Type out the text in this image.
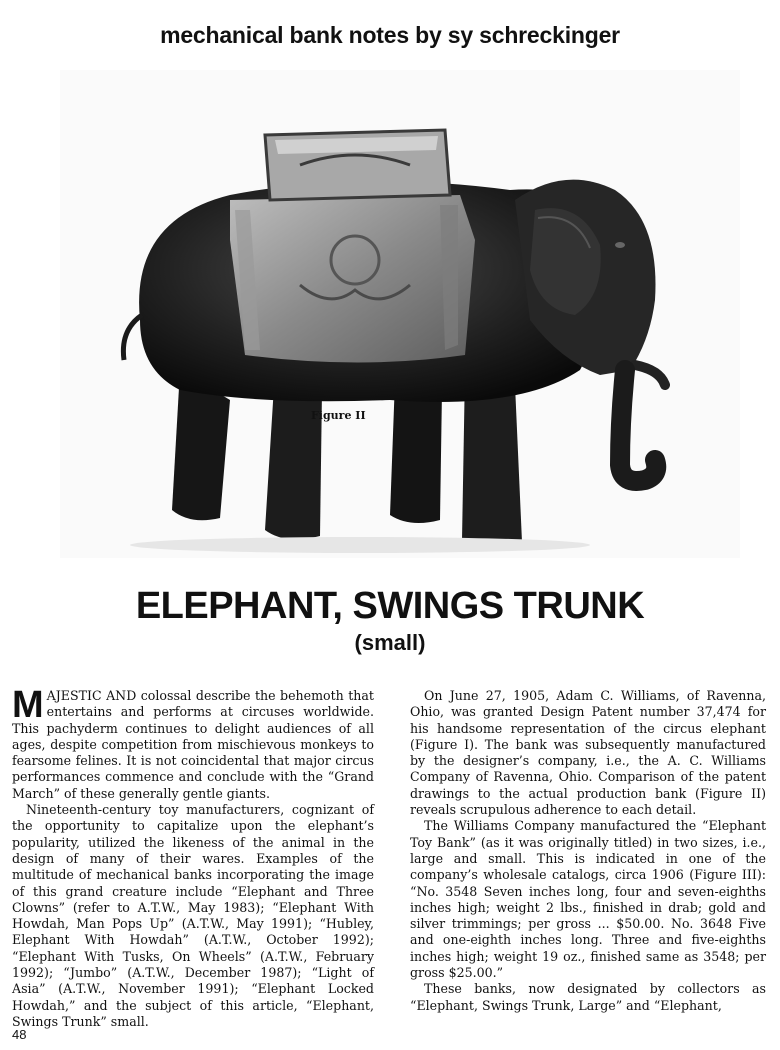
mechanical bank notes by sy schreckinger
Figure II
ELEPHANT, SWINGS TRUNK
(small)

MAJESTIC AND colossal describe the behemoth that entertains and performs at circuses worldwide. This pachyderm continues to delight audiences of all ages, despite competition from mischievous monkeys to fearsome felines. It is not coincidental that major circus performances commence and conclude with the “Grand March” of these generally gentle giants.

Nineteenth-century toy manufacturers, cognizant of the opportunity to capitalize upon the elephant’s popularity, utilized the likeness of the animal in the design of many of their wares. Examples of the multitude of mechanical banks incorporating the image of this grand creature include “Elephant and Three Clowns” (refer to A.T.W., May 1983); “Elephant With Howdah, Man Pops Up” (A.T.W., May 1991); “Hubley, Elephant With Howdah” (A.T.W., October 1992); “Elephant With Tusks, On Wheels” (A.T.W., February 1992); “Jumbo” (A.T.W., December 1987); “Light of Asia” (A.T.W., November 1991); “Elephant Locked Howdah,” and the subject of this article, “Elephant, Swings Trunk” small.

On June 27, 1905, Adam C. Williams, of Ravenna, Ohio, was granted Design Patent number 37,474 for his handsome representation of the circus elephant (Figure I). The bank was subsequently manufactured by the designer’s company, i.e., the A. C. Williams Company of Ravenna, Ohio. Comparison of the patent drawings to the actual production bank (Figure II) reveals scrupulous adherence to each detail.

The Williams Company manufactured the “Elephant Toy Bank” (as it was originally titled) in two sizes, i.e., large and small. This is indicated in one of the company’s wholesale catalogs, circa 1906 (Figure III): “No. 3548 Seven inches long, four and seven-eighths inches high; weight 2 lbs., finished in drab; gold and silver trimmings; per gross ... $50.00. No. 3648 Five and one-eighth inches long. Three and five-eighths inches high; weight 19 oz., finished same as 3548; per gross $25.00.”

These banks, now designated by collectors as “Elephant, Swings Trunk, Large” and “Elephant,

48
